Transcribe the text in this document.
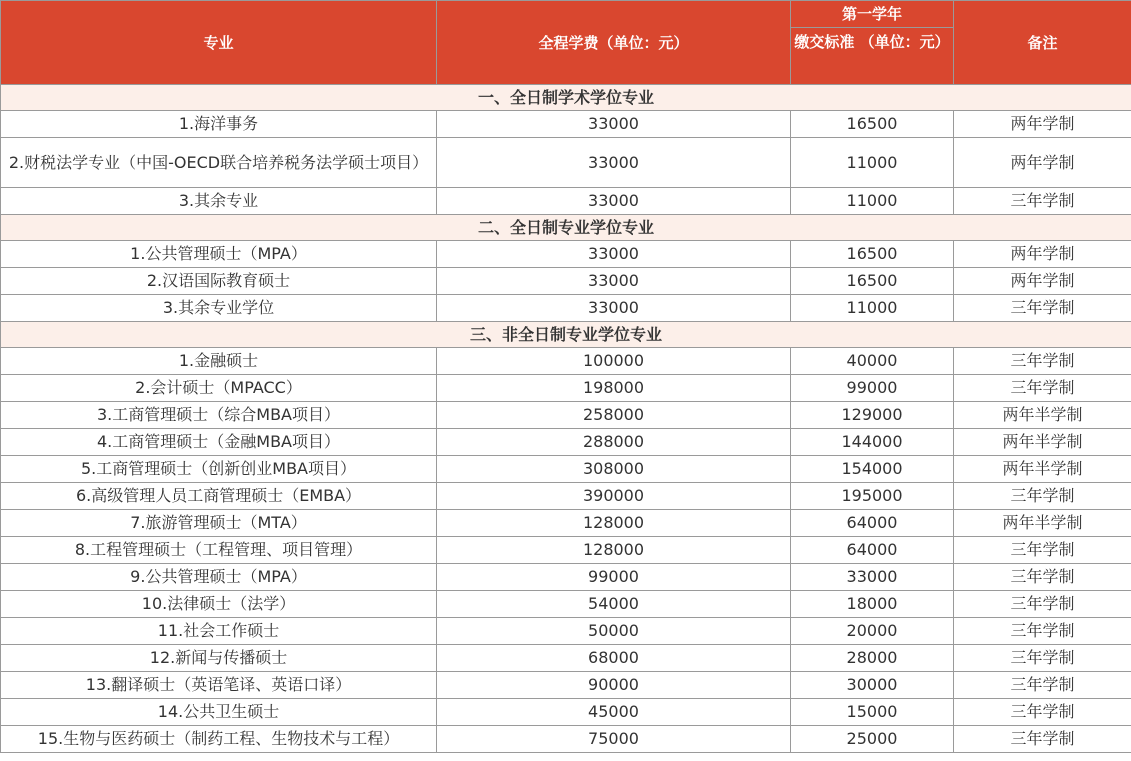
专业	全程学费（单位：元）	第一学年	备注
		缴交标准 （单位：元）	
一、全日制学术学位专业			
1.海洋事务	33000	16500	两年学制
2.财税法学专业（中国-OECD联合培养税务法学硕士项目）	33000	11000	两年学制
3.其余专业	33000	11000	三年学制
二、全日制专业学位专业			
1.公共管理硕士（MPA）	33000	16500	两年学制
2.汉语国际教育硕士	33000	16500	两年学制
3.其余专业学位	33000	11000	三年学制
三、非全日制专业学位专业			
1.金融硕士	100000	40000	三年学制
2.会计硕士（MPACC）	198000	99000	三年学制
3.工商管理硕士（综合MBA项目）	258000	129000	两年半学制
4.工商管理硕士（金融MBA项目）	288000	144000	两年半学制
5.工商管理硕士（创新创业MBA项目）	308000	154000	两年半学制
6.高级管理人员工商管理硕士（EMBA）	390000	195000	三年学制
7.旅游管理硕士（MTA）	128000	64000	两年半学制
8.工程管理硕士（工程管理、项目管理）	128000	64000	三年学制
9.公共管理硕士（MPA）	99000	33000	三年学制
10.法律硕士（法学）	54000	18000	三年学制
11.社会工作硕士	50000	20000	三年学制
12.新闻与传播硕士	68000	28000	三年学制
13.翻译硕士（英语笔译、英语口译）	90000	30000	三年学制
14.公共卫生硕士	45000	15000	三年学制
15.生物与医药硕士（制药工程、生物技术与工程）	75000	25000	三年学制
